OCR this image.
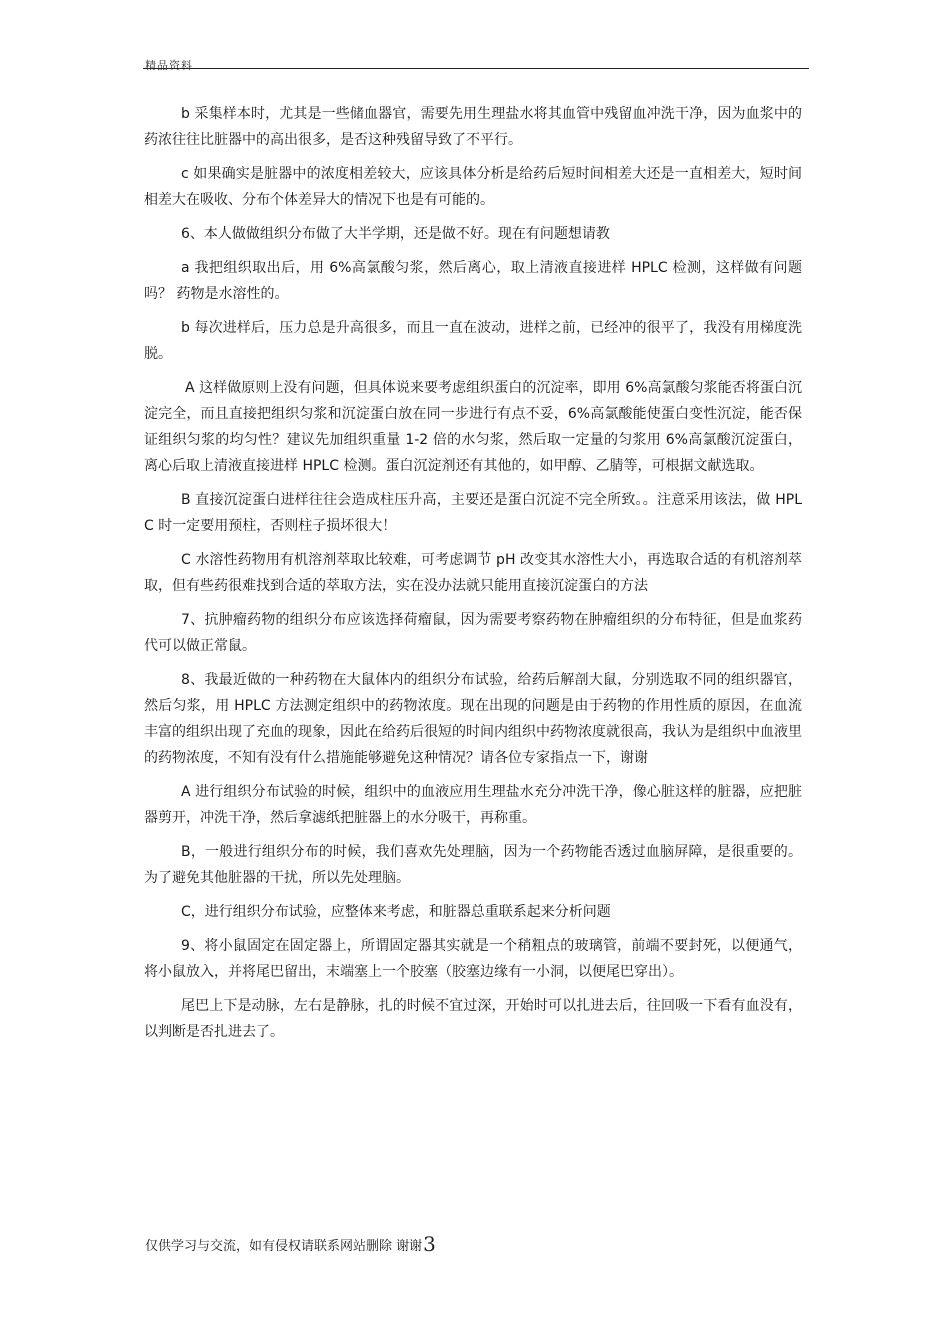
精品资料

b 采集样本时，尤其是一些储血器官，需要先用生理盐水将其血管中残留血冲洗干净，因为血浆中的药浓往往比脏器中的高出很多，是否这种残留导致了不平行。

c 如果确实是脏器中的浓度相差较大，应该具体分析是给药后短时间相差大还是一直相差大，短时间相差大在吸收、分布个体差异大的情况下也是有可能的。

6、本人做做组织分布做了大半学期，还是做不好。现在有问题想请教

a 我把组织取出后，用 6%高氯酸匀浆，然后离心，取上清液直接进样 HPLC 检测，这样做有问题吗？ 药物是水溶性的。

b 每次进样后，压力总是升高很多，而且一直在波动，进样之前，已经冲的很平了，我没有用梯度洗脱。

A 这样做原则上没有问题，但具体说来要考虑组织蛋白的沉淀率，即用 6%高氯酸匀浆能否将蛋白沉淀完全，而且直接把组织匀浆和沉淀蛋白放在同一步进行有点不妥，6%高氯酸能使蛋白变性沉淀，能否保证组织匀浆的均匀性？建议先加组织重量 1-2 倍的水匀浆，然后取一定量的匀浆用 6%高氯酸沉淀蛋白，离心后取上清液直接进样 HPLC 检测。蛋白沉淀剂还有其他的，如甲醇、乙腈等，可根据文献选取。

B 直接沉淀蛋白进样往往会造成柱压升高，主要还是蛋白沉淀不完全所致。。注意采用该法，做 HPLC 时一定要用预柱，否则柱子损坏很大！

C 水溶性药物用有机溶剂萃取比较难，可考虑调节 pH 改变其水溶性大小，再选取合适的有机溶剂萃取，但有些药很难找到合适的萃取方法，实在没办法就只能用直接沉淀蛋白的方法

7、抗肿瘤药物的组织分布应该选择荷瘤鼠，因为需要考察药物在肿瘤组织的分布特征，但是血浆药代可以做正常鼠。

8、我最近做的一种药物在大鼠体内的组织分布试验，给药后解剖大鼠，分别选取不同的组织器官，然后匀浆，用 HPLC 方法测定组织中的药物浓度。现在出现的问题是由于药物的作用性质的原因，在血流丰富的组织出现了充血的现象，因此在给药后很短的时间内组织中药物浓度就很高，我认为是组织中血液里的药物浓度，不知有没有什么措施能够避免这种情况？请各位专家指点一下，谢谢

A 进行组织分布试验的时候，组织中的血液应用生理盐水充分冲洗干净，像心脏这样的脏器，应把脏器剪开，冲洗干净，然后拿滤纸把脏器上的水分吸干，再称重。

B，一般进行组织分布的时候，我们喜欢先处理脑，因为一个药物能否透过血脑屏障，是很重要的。为了避免其他脏器的干扰，所以先处理脑。

C，进行组织分布试验，应整体来考虑，和脏器总重联系起来分析问题

9、将小鼠固定在固定器上，所谓固定器其实就是一个稍粗点的玻璃管，前端不要封死，以便通气，将小鼠放入，并将尾巴留出，末端塞上一个胶塞（胶塞边缘有一小洞，以便尾巴穿出）。

尾巴上下是动脉，左右是静脉，扎的时候不宜过深，开始时可以扎进去后，往回吸一下看有血没有，以判断是否扎进去了。

仅供学习与交流，如有侵权请联系网站删除 谢谢3
